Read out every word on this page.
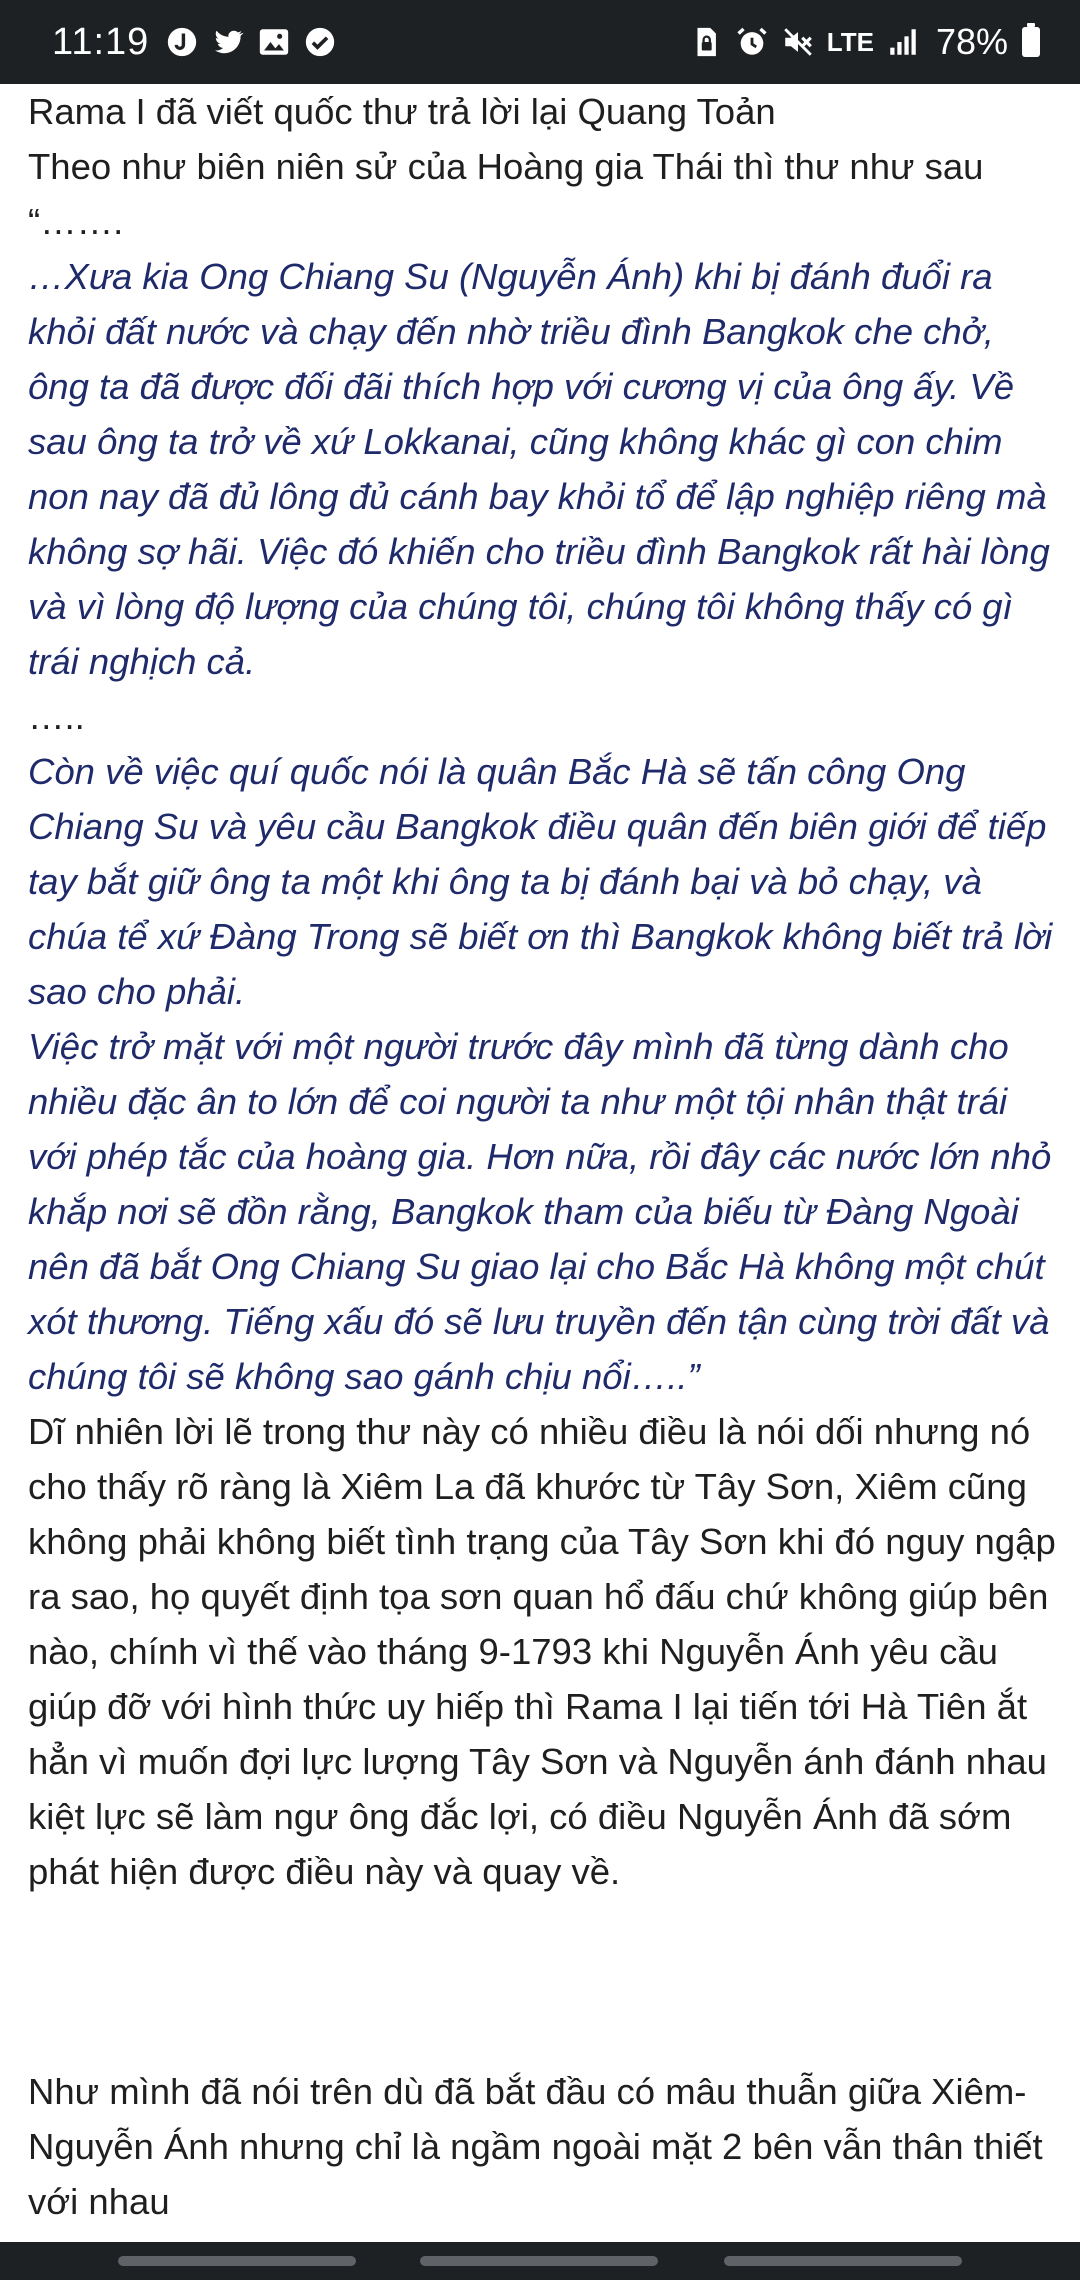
11:19	LTE 78%

Rama I đã viết quốc thư trả lời lại Quang Toản

Theo như biên niên sử của Hoàng gia Thái thì thư như sau

“…….

…Xưa kia Ong Chiang Su (Nguyễn Ánh) khi bị đánh đuổi ra khỏi đất nước và chạy đến nhờ triều đình Bangkok che chở, ông ta đã được đối đãi thích hợp với cương vị của ông ấy. Về sau ông ta trở về xứ Lokkanai, cũng không khác gì con chim non nay đã đủ lông đủ cánh bay khỏi tổ để lập nghiệp riêng mà không sợ hãi. Việc đó khiến cho triều đình Bangkok rất hài lòng và vì lòng độ lượng của chúng tôi, chúng tôi không thấy có gì trái nghịch cả.

…..

Còn về việc quí quốc nói là quân Bắc Hà sẽ tấn công Ong Chiang Su và yêu cầu Bangkok điều quân đến biên giới để tiếp tay bắt giữ ông ta một khi ông ta bị đánh bại và bỏ chạy, và chúa tể xứ Đàng Trong sẽ biết ơn thì Bangkok không biết trả lời sao cho phải.

Việc trở mặt với một người trước đây mình đã từng dành cho nhiều đặc ân to lớn để coi người ta như một tội nhân thật trái với phép tắc của hoàng gia. Hơn nữa, rồi đây các nước lớn nhỏ khắp nơi sẽ đồn rằng, Bangkok tham của biếu từ Đàng Ngoài nên đã bắt Ong Chiang Su giao lại cho Bắc Hà không một chút xót thương. Tiếng xấu đó sẽ lưu truyền đến tận cùng trời đất và chúng tôi sẽ không sao gánh chịu nổi…..”

Dĩ nhiên lời lẽ trong thư này có nhiều điều là nói dối nhưng nó cho thấy rõ ràng là Xiêm La đã khước từ Tây Sơn, Xiêm cũng không phải không biết tình trạng của Tây Sơn khi đó nguy ngập ra sao, họ quyết định tọa sơn quan hổ đấu chứ không giúp bên nào, chính vì thế vào tháng 9-1793 khi Nguyễn Ánh yêu cầu giúp đỡ với hình thức uy hiếp thì Rama I lại tiến tới Hà Tiên ắt hẳn vì muốn đợi lực lượng Tây Sơn và Nguyễn ánh đánh nhau kiệt lực sẽ làm ngư ông đắc lợi, có điều Nguyễn Ánh đã sớm phát hiện được điều này và quay về.

Như mình đã nói trên dù đã bắt đầu có mâu thuẫn giữa Xiêm-Nguyễn Ánh nhưng chỉ là ngầm ngoài mặt 2 bên vẫn thân thiết với nhau
